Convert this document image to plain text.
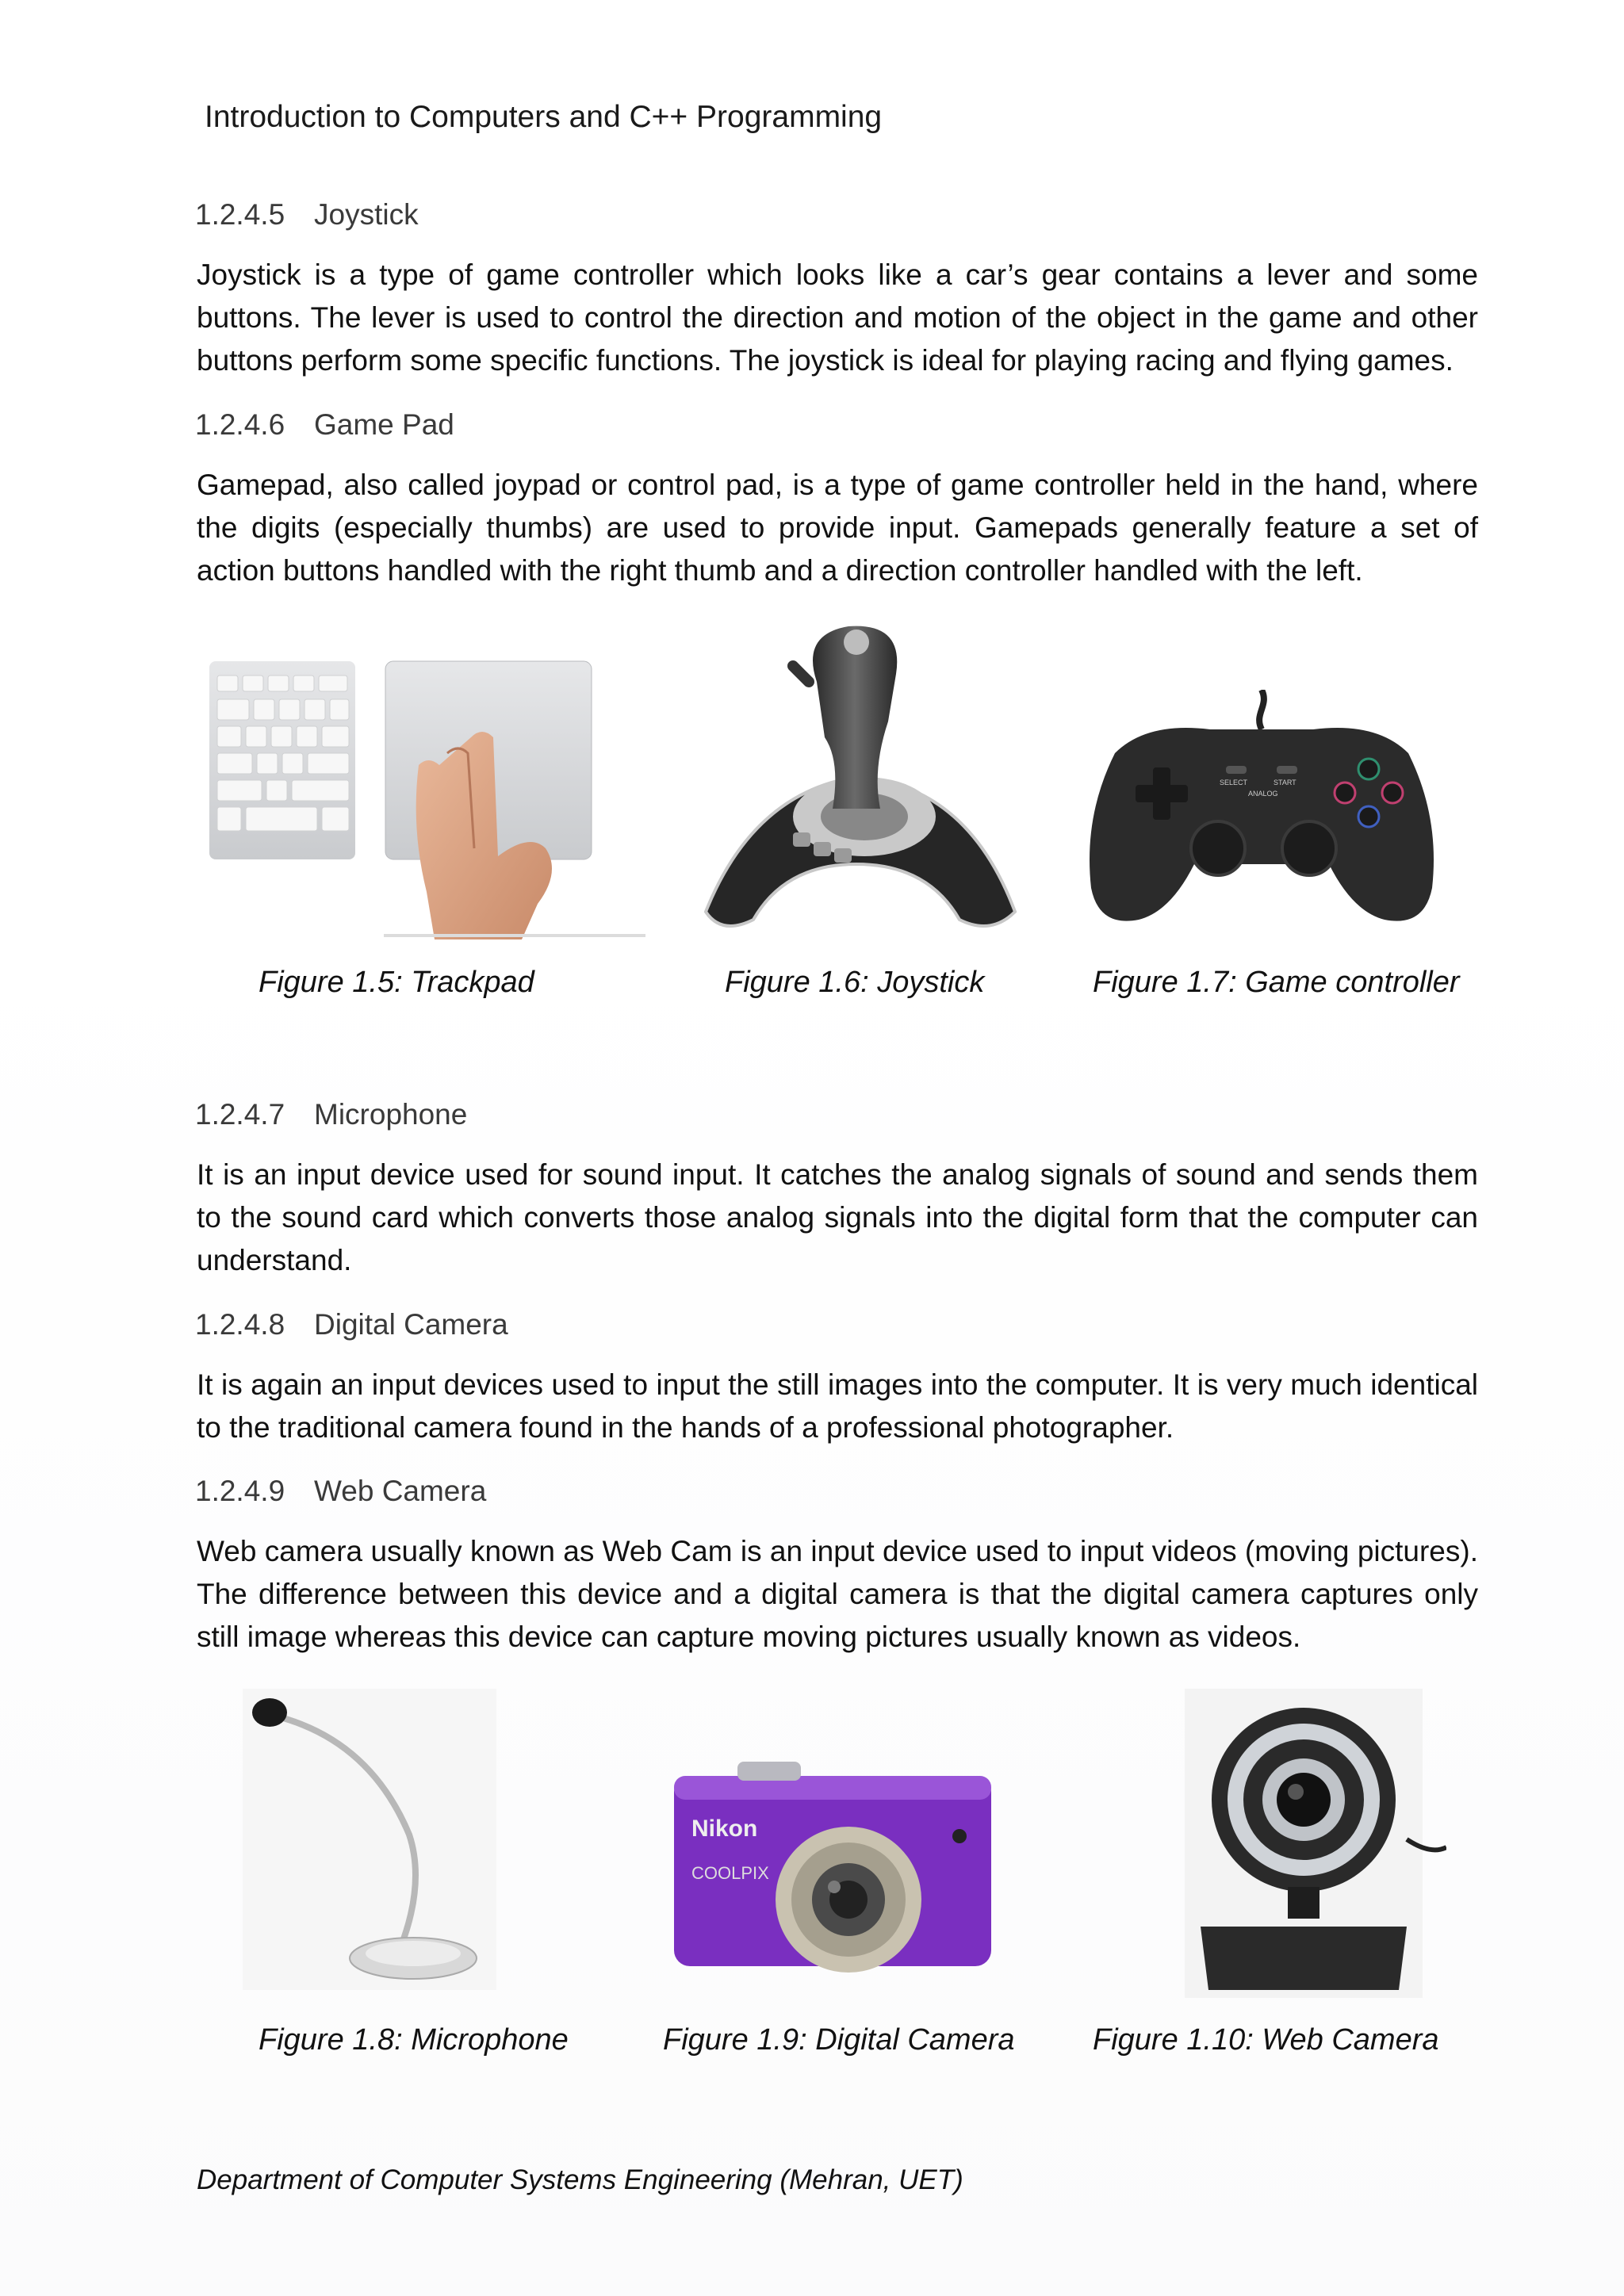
Introduction to Computers and C++ Programming
1.2.4.5 Joystick
Joystick is a type of game controller which looks like a car’s gear contains a lever and some buttons. The lever is used to control the direction and motion of the object in the game and other buttons perform some specific functions. The joystick is ideal for playing racing and flying games.
1.2.4.6 Game Pad
Gamepad, also called joypad or control pad, is a type of game controller held in the hand, where the digits (especially thumbs) are used to provide input. Gamepads generally feature a set of action buttons handled with the right thumb and a direction controller handled with the left.
Figure 1.5: Trackpad	Figure 1.6: Joystick
SELECT	START
ANALOG
Figure 1.7: Game controller
1.2.4.7 Microphone
It is an input device used for sound input. It catches the analog signals of sound and sends them to the sound card which converts those analog signals into the digital form that the computer can understand.
1.2.4.8 Digital Camera
It is again an input devices used to input the still images into the computer. It is very much identical to the traditional camera found in the hands of a professional photographer.
1.2.4.9 Web Camera
Web camera usually known as Web Cam is an input device used to input videos (moving pictures). The difference between this device and a digital camera is that the digital camera captures only still image whereas this device can capture moving pictures usually known as videos.
Figure 1.8: Microphone
Nikon
COOLPIX
Figure 1.9: Digital Camera	Figure 1.10: Web Camera
Department of Computer Systems Engineering (Mehran, UET)
